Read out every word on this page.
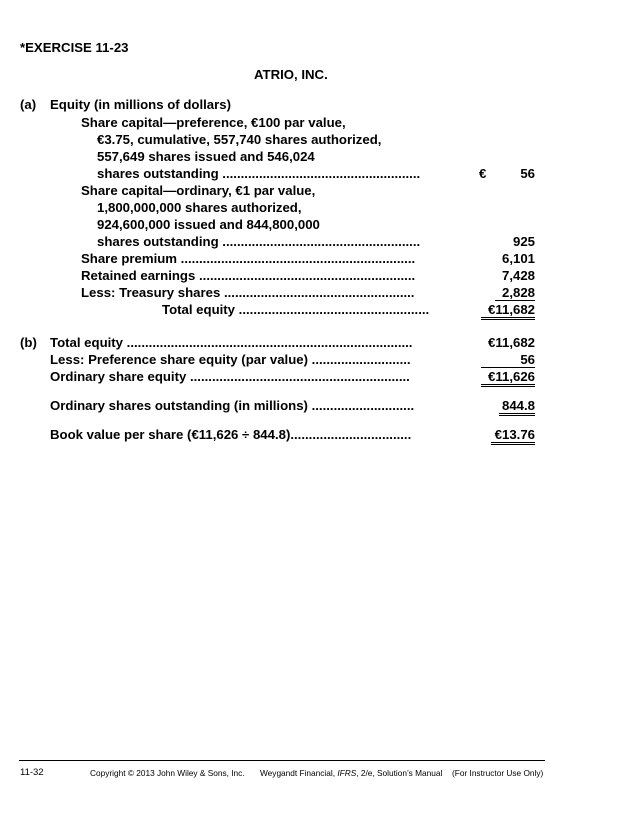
*EXERCISE 11-23
ATRIO, INC.
(a) Equity (in millions of dollars)
Share capital—preference, €100 par value,
€3.75, cumulative, 557,740 shares authorized,
557,649 shares issued and 546,024
shares outstanding ......................................................	€	56
Share capital—ordinary, €1 par value,
1,800,000,000 shares authorized,
924,600,000 issued and 844,800,000
shares outstanding ......................................................	925
Share premium ................................................................	6,101
Retained earnings ...........................................................	7,428
Less: Treasury shares ....................................................	2,828
Total equity ....................................................	€11,682
(b) Total equity ..............................................................................	€11,682
Less: Preference share equity (par value) ...........................	56
Ordinary share equity ............................................................	€11,626
Ordinary shares outstanding (in millions) ............................	844.8
Book value per share (€11,626 ÷ 844.8).................................	€13.76
11-32	Copyright © 2013 John Wiley & Sons, Inc. Weygandt Financial, IFRS, 2/e, Solution’s Manual (For Instructor Use Only)
